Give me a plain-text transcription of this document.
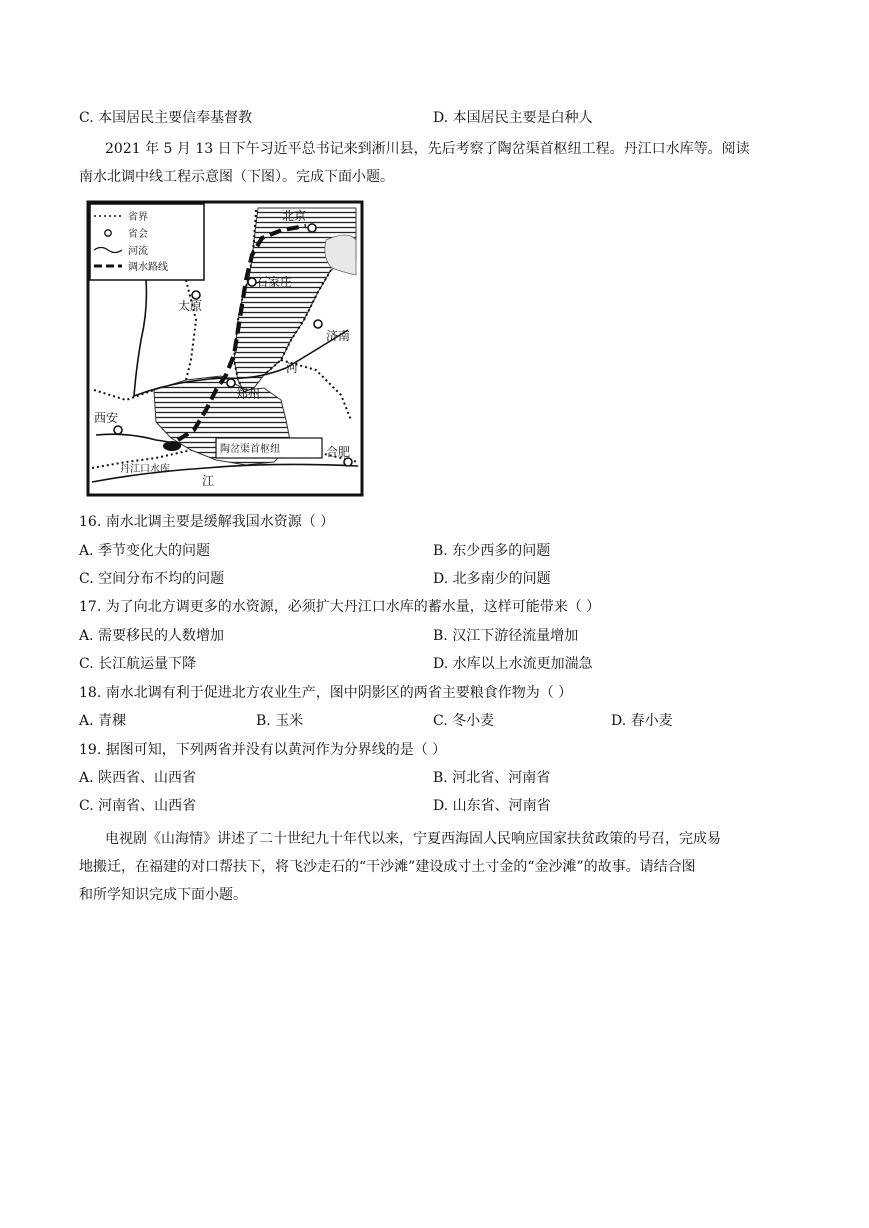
C. 本国居民主要信奉基督教	D. 本国居民主要是白种人
2021 年 5 月 13 日下午习近平总书记来到淅川县，先后考察了陶岔渠首枢纽工程。丹江口水库等。阅读
南水北调中线工程示意图（下图）。完成下面小题。
省界
省会
河流
调水路线
北京
太原
石家庄
济南
郑州
西安
丹江口水库
陶岔渠首枢纽	合肥
河
江
16. 南水北调主要是缓解我国水资源（ ）
A. 季节变化大的问题	B. 东少西多的问题
C. 空间分布不均的问题	D. 北多南少的问题
17. 为了向北方调更多的水资源，必须扩大丹江口水库的蓄水量，这样可能带来（ ）
A. 需要移民的人数增加	B. 汉江下游径流量增加
C. 长江航运量下降	D. 水库以上水流更加湍急
18. 南水北调有利于促进北方农业生产，图中阴影区的两省主要粮食作物为（ ）
A. 青稞	B. 玉米	C. 冬小麦	D. 春小麦
19. 据图可知，下列两省并没有以黄河作为分界线的是（ ）
A. 陕西省、山西省	B. 河北省、河南省
C. 河南省、山西省	D. 山东省、河南省
电视剧《山海情》讲述了二十世纪九十年代以来，宁夏西海固人民响应国家扶贫政策的号召，完成易
地搬迁，在福建的对口帮扶下，将飞沙走石的“干沙滩”建设成寸土寸金的“金沙滩”的故事。请结合图
和所学知识完成下面小题。
